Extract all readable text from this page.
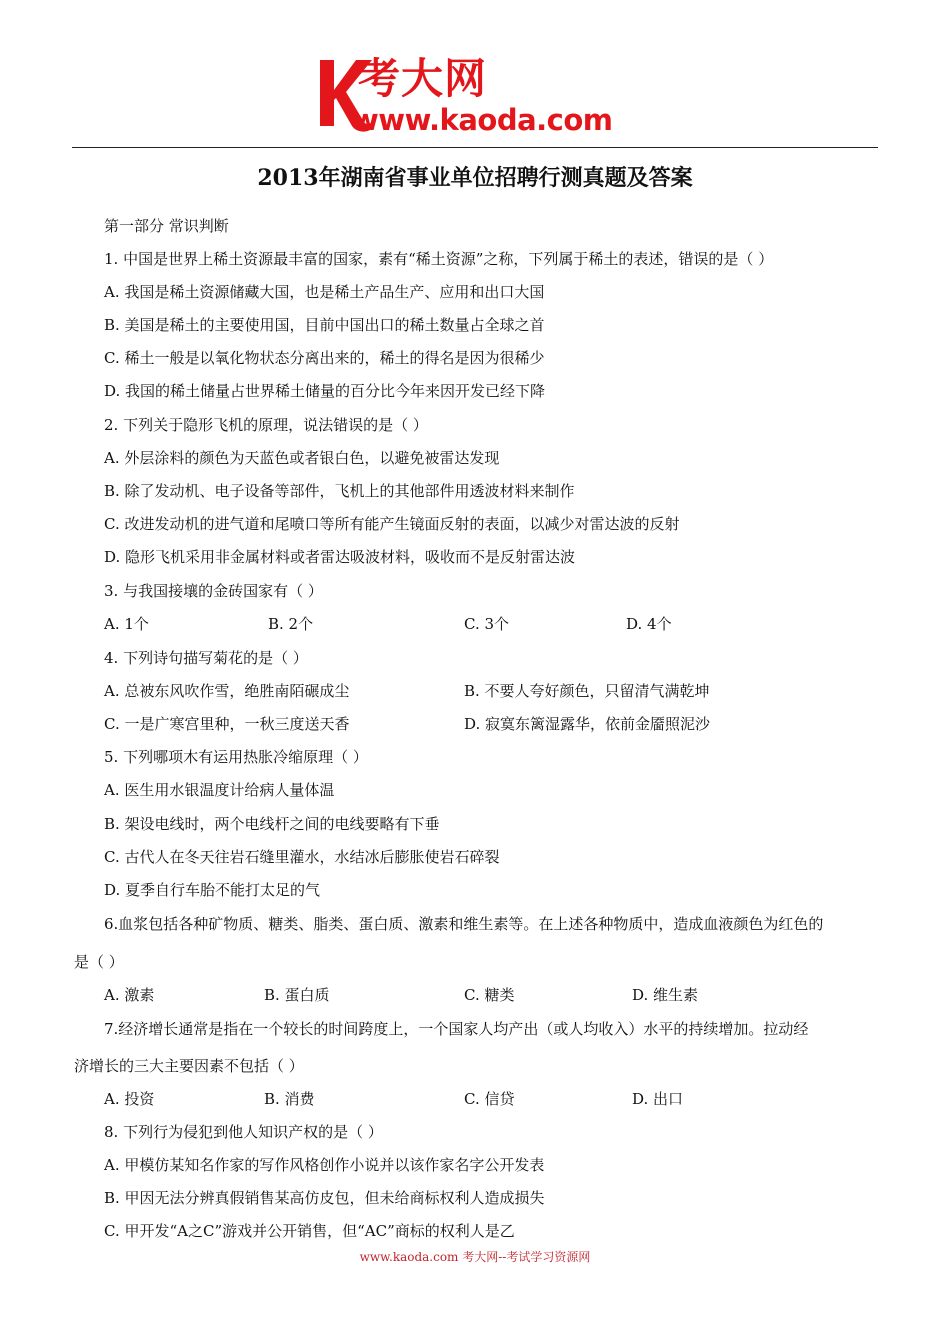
考大网
www.kaoda.com
2013年湖南省事业单位招聘行测真题及答案
第一部分 常识判断
1. 中国是世界上稀土资源最丰富的国家，素有“稀土资源”之称，下列属于稀土的表述，错误的是（ ）
A. 我国是稀土资源储藏大国，也是稀土产品生产、应用和出口大国
B. 美国是稀土的主要使用国，目前中国出口的稀土数量占全球之首
C. 稀土一般是以氧化物状态分离出来的，稀土的得名是因为很稀少
D. 我国的稀土储量占世界稀土储量的百分比今年来因开发已经下降
2. 下列关于隐形飞机的原理，说法错误的是（ ）
A. 外层涂料的颜色为天蓝色或者银白色，以避免被雷达发现
B. 除了发动机、电子设备等部件，飞机上的其他部件用透波材料来制作
C. 改进发动机的进气道和尾喷口等所有能产生镜面反射的表面，以减少对雷达波的反射
D. 隐形飞机采用非金属材料或者雷达吸波材料，吸收而不是反射雷达波
3. 与我国接壤的金砖国家有（ ）
A. 1个	B. 2个	C. 3个	D. 4个
4. 下列诗句描写菊花的是（ ）
A. 总被东风吹作雪，绝胜南陌碾成尘	B. 不要人夸好颜色，只留清气满乾坤
C. 一是广寒宫里种，一秋三度送天香	D. 寂寞东篱湿露华，依前金靥照泥沙
5. 下列哪项木有运用热胀冷缩原理（ ）
A. 医生用水银温度计给病人量体温
B. 架设电线时，两个电线杆之间的电线要略有下垂
C. 古代人在冬天往岩石缝里灌水，水结冰后膨胀使岩石碎裂
D. 夏季自行车胎不能打太足的气
6.血浆包括各种矿物质、糖类、脂类、蛋白质、激素和维生素等。在上述各种物质中，造成血液颜色为红色的
是（ ）
A. 激素	B. 蛋白质	C. 糖类	D. 维生素
7.经济增长通常是指在一个较长的时间跨度上，一个国家人均产出（或人均收入）水平的持续增加。拉动经
济增长的三大主要因素不包括（ ）
A. 投资	B. 消费	C. 信贷	D. 出口
8. 下列行为侵犯到他人知识产权的是（ ）
A. 甲模仿某知名作家的写作风格创作小说并以该作家名字公开发表
B. 甲因无法分辨真假销售某高仿皮包，但未给商标权利人造成损失
C. 甲开发“A之C”游戏并公开销售，但“AC”商标的权利人是乙
www.kaoda.com 考大网--考试学习资源网
